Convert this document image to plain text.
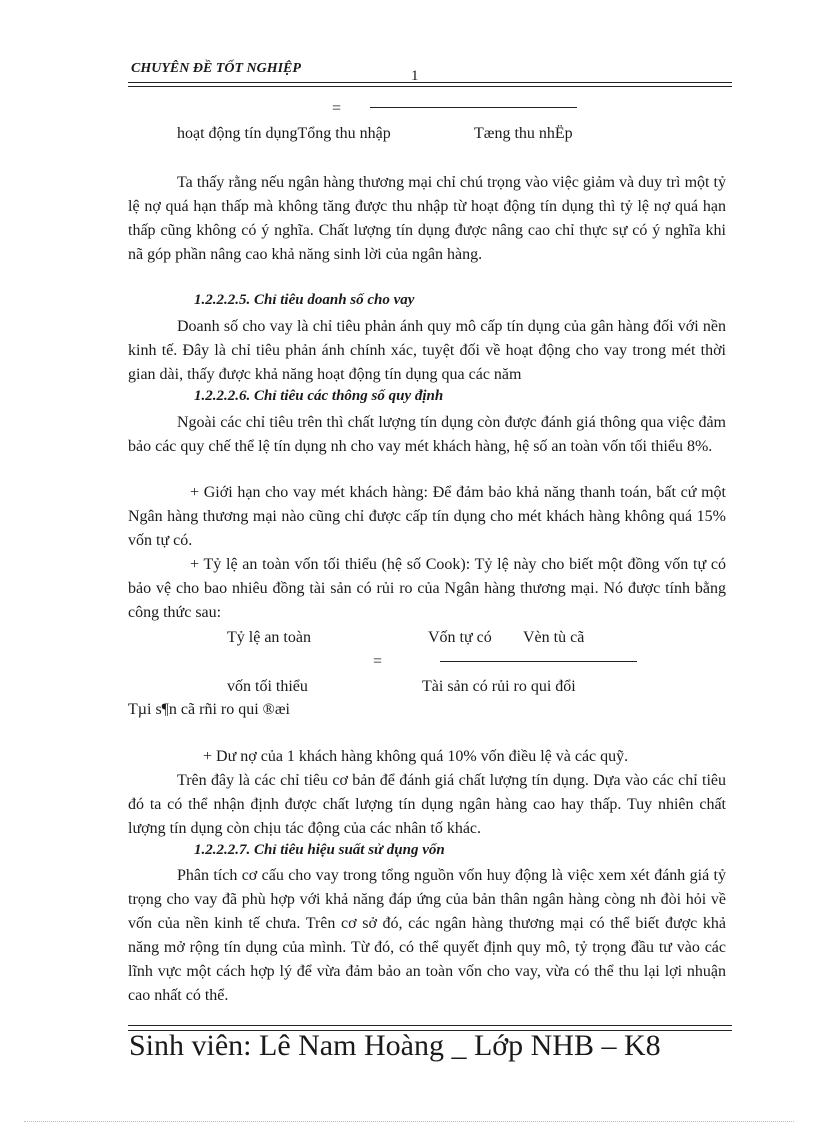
CHUYÊN ĐỀ TỐT NGHIỆP	1
=
hoạt động tín dụngTổng thu nhập	Tæng thu nhËp

Ta thấy rằng nếu ngân hàng thương mại chỉ chú trọng vào việc giảm và duy trì một tỷ lệ nợ quá hạn thấp mà không tăng được thu nhập từ hoạt động tín dụng thì tỷ lệ nợ quá hạn thấp cũng không có ý nghĩa. Chất lượng tín dụng được nâng cao chỉ thực sự có ý nghĩa khi nã góp phần nâng cao khả năng sinh lời của ngân hàng.

1.2.2.2.5. Chỉ tiêu doanh số cho vay

Doanh số cho vay là chỉ tiêu phản ánh quy mô cấp tín dụng của gân hàng đối với nền kinh tế. Đây là chỉ tiêu phản ánh chính xác, tuyệt đối về hoạt động cho vay trong mét thời gian dài, thấy được khả năng hoạt động tín dụng qua các năm

1.2.2.2.6. Chỉ tiêu các thông số quy định

Ngoài các chỉ tiêu trên thì chất lượng tín dụng còn được đánh giá thông qua việc đảm bảo các quy chế thể lệ tín dụng nh cho vay mét khách hàng, hệ số an toàn vốn tối thiểu 8%.

+ Giới hạn cho vay mét khách hàng: Để đảm bảo khả năng thanh toán, bất cứ một Ngân hàng thương mại nào cũng chỉ được cấp tín dụng cho mét khách hàng không quá 15% vốn tự có.

+ Tỷ lệ an toàn vốn tối thiểu (hệ số Cook): Tỷ lệ này cho biết một đồng vốn tự có bảo vệ cho bao nhiêu đồng tài sản có rủi ro của Ngân hàng thương mại. Nó được tính bằng công thức sau:

Tỷ lệ an toàn	Vốn tự có Vèn tù cã
=
vốn tối thiểu	Tài sản có rủi ro qui đổi
Tµi s¶n cã rñi ro qui ®æi

+ Dư nợ của 1 khách hàng không quá 10% vốn điều lệ và các quỹ.

Trên đây là các chỉ tiêu cơ bản để đánh giá chất lượng tín dụng. Dựa vào các chỉ tiêu đó ta có thể nhận định được chất lượng tín dụng ngân hàng cao hay thấp. Tuy nhiên chất lượng tín dụng còn chịu tác động của các nhân tố khác.

1.2.2.2.7. Chỉ tiêu hiệu suất sử dụng vốn

Phân tích cơ cấu cho vay trong tổng nguồn vốn huy động là việc xem xét đánh giá tỷ trọng cho vay đã phù hợp với khả năng đáp ứng của bản thân ngân hàng còng nh đòi hỏi về vốn của nền kinh tế chưa. Trên cơ sở đó, các ngân hàng thương mại có thể biết được khả năng mở rộng tín dụng của mình. Từ đó, có thể quyết định quy mô, tỷ trọng đầu tư vào các lĩnh vực một cách hợp lý để vừa đảm bảo an toàn vốn cho vay, vừa có thể thu lại lợi nhuận cao nhất có thể.

Sinh viên: Lê Nam Hoàng _ Lớp NHB – K8
